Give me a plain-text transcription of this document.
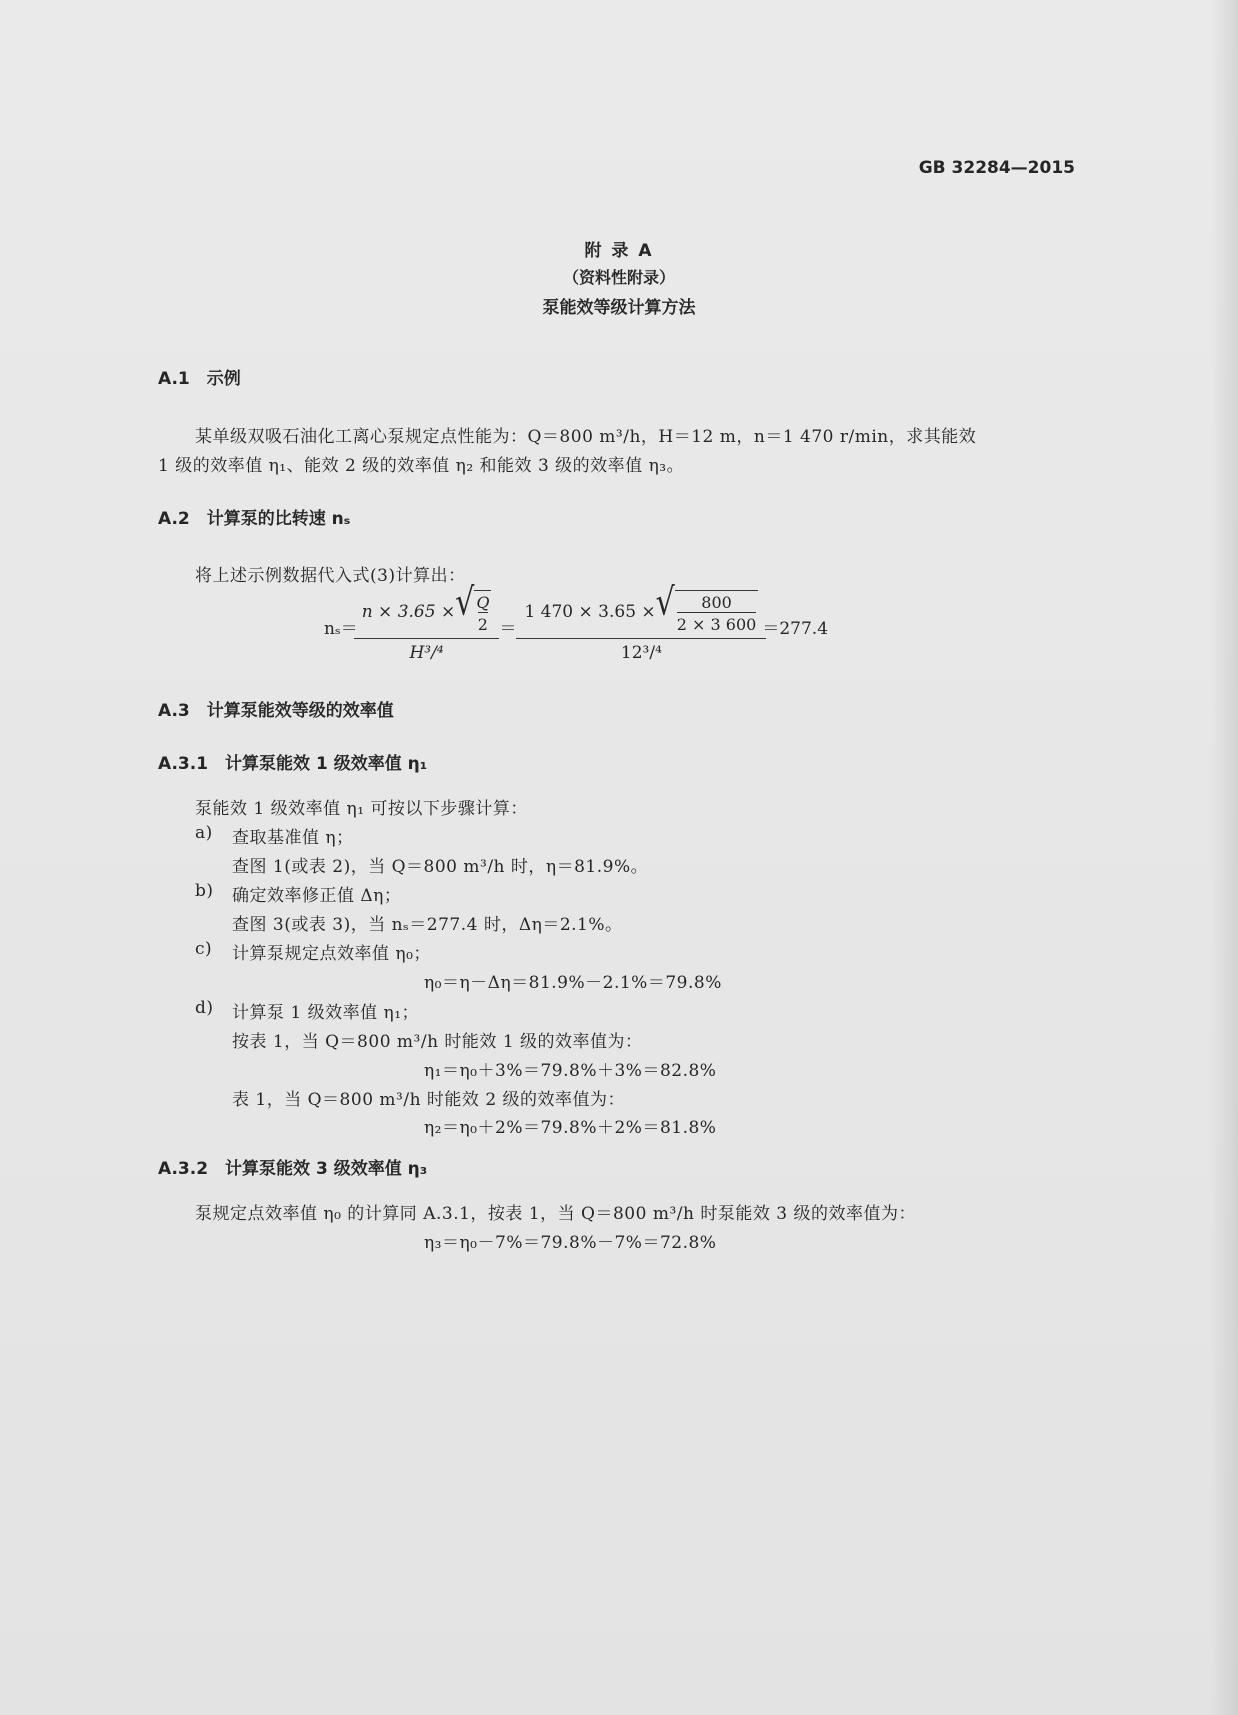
GB 32284—2015
附 录 A
（资料性附录）
泵能效等级计算方法
A.1　示例
某单级双吸石油化工离心泵规定点性能为：Q＝800 m³/h，H＝12 m，n＝1 470 r/min，求其能效
1 级的效率值 η₁、能效 2 级的效率值 η₂ 和能效 3 级的效率值 η₃。
A.2　计算泵的比转速 nₛ
将上述示例数据代入式(3)计算出：
nₛ＝
n × 3.65 × √ $\frac{Q}{2}$
H³/⁴
＝
1 470 × 3.65 × √ $\frac{800}{2 \times 3 600}$
12³/⁴
＝277.4
A.3　计算泵能效等级的效率值
A.3.1　计算泵能效 1 级效率值 η₁
泵能效 1 级效率值 η₁ 可按以下步骤计算：
a) 查取基准值 η；
查图 1(或表 2)，当 Q＝800 m³/h 时，η＝81.9%。
b) 确定效率修正值 Δη；
查图 3(或表 3)，当 nₛ＝277.4 时，Δη＝2.1%。
c) 计算泵规定点效率值 η₀；
η₀＝η－Δη＝81.9%－2.1%＝79.8%
d) 计算泵 1 级效率值 η₁；
按表 1，当 Q＝800 m³/h 时能效 1 级的效率值为：
η₁＝η₀＋3%＝79.8%＋3%＝82.8%
表 1，当 Q＝800 m³/h 时能效 2 级的效率值为：
η₂＝η₀＋2%＝79.8%＋2%＝81.8%
A.3.2　计算泵能效 3 级效率值 η₃
泵规定点效率值 η₀ 的计算同 A.3.1，按表 1，当 Q＝800 m³/h 时泵能效 3 级的效率值为：
η₃＝η₀－7%＝79.8%－7%＝72.8%
